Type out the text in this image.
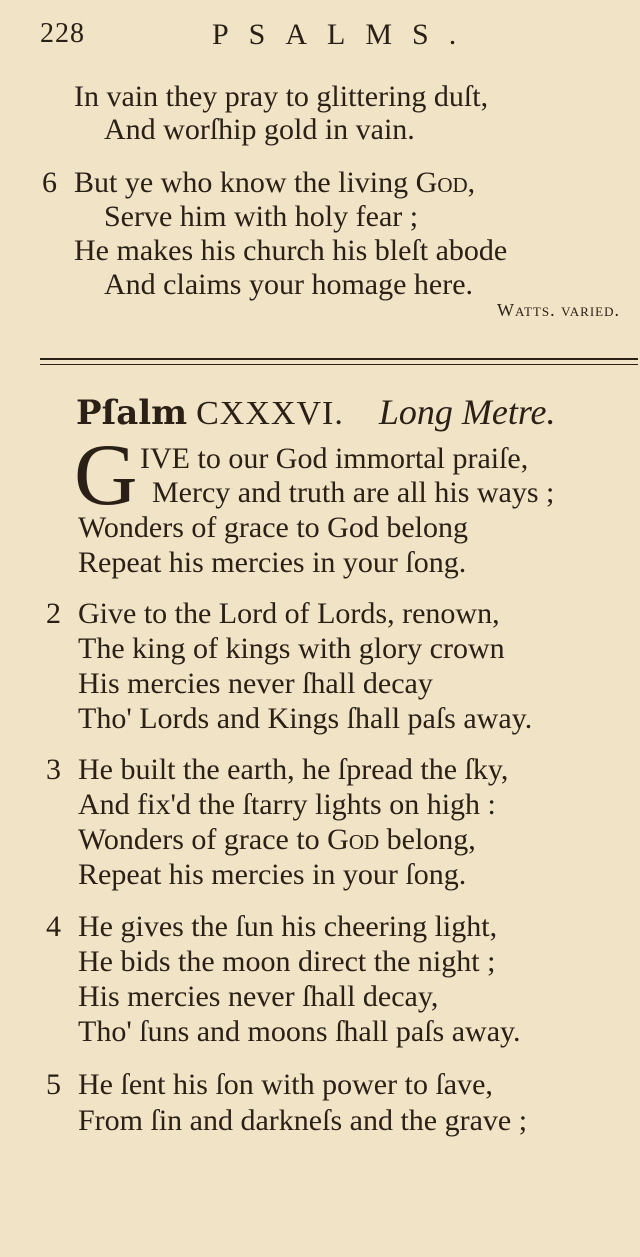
228	PSALMS.
In vain they pray to glittering duſt,
And worſhip gold in vain.
6 But ye who know the living God,
Serve him with holy fear ;
He makes his church his bleſt abode
And claims your homage here.
Watts. varied.
Pſalm CXXXVI. Long Metre.
G IVE to our God immortal praiſe,
Mercy and truth are all his ways ;
Wonders of grace to God belong
Repeat his mercies in your ſong.
2 Give to the Lord of Lords, renown,
The king of kings with glory crown
His mercies never ſhall decay
Tho' Lords and Kings ſhall paſs away.
3 He built the earth, he ſpread the ſky,
And fix'd the ſtarry lights on high :
Wonders of grace to God belong,
Repeat his mercies in your ſong.
4 He gives the ſun his cheering light,
He bids the moon direct the night ;
His mercies never ſhall decay,
Tho' ſuns and moons ſhall paſs away.
5 He ſent his ſon with power to ſave,
From ſin and darkneſs and the grave ;
